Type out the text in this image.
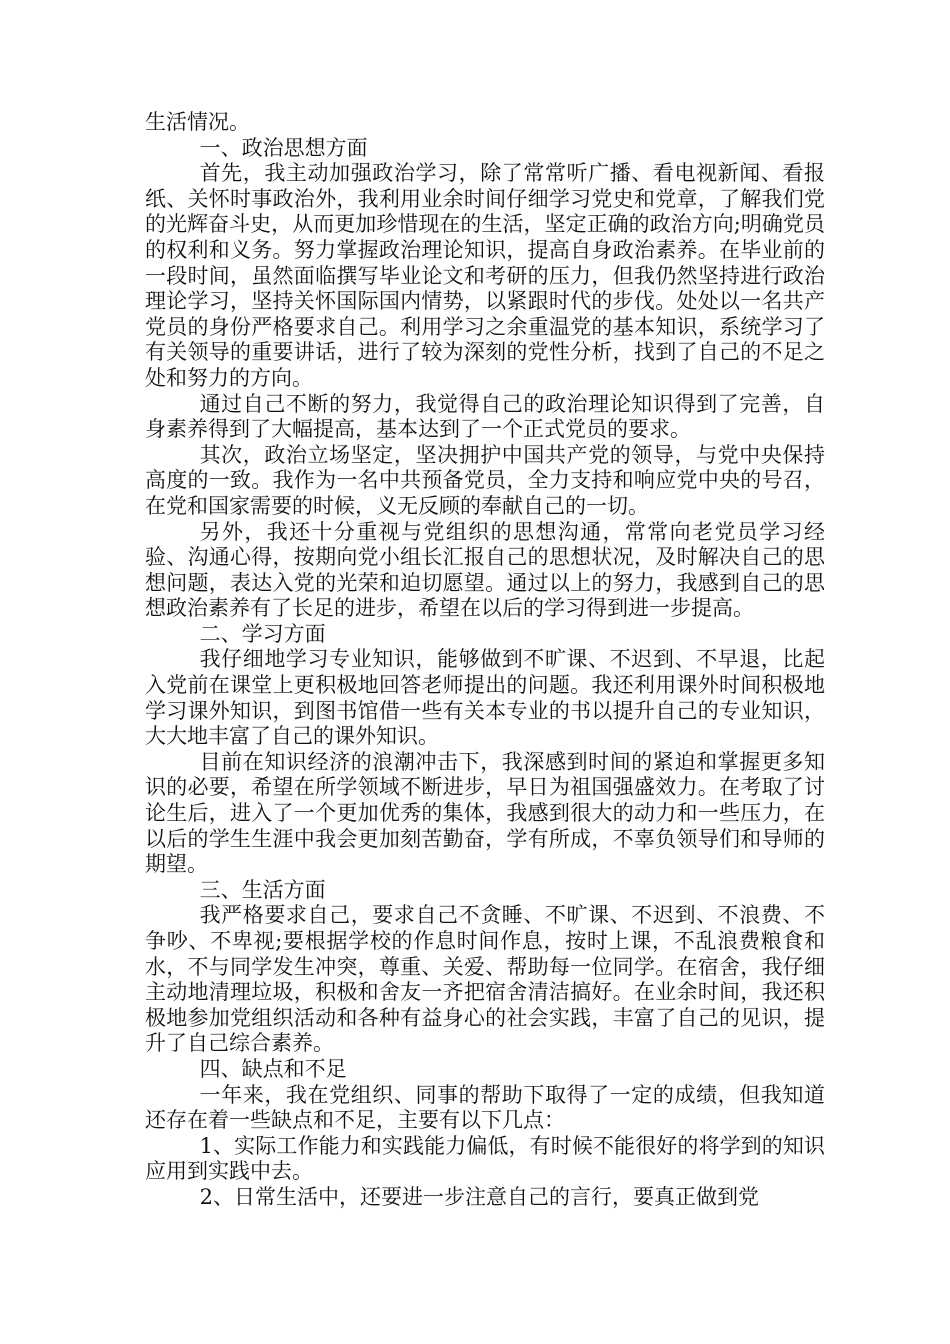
生活情况。

一、政治思想方面

首先，我主动加强政治学习，除了常常听广播、看电视新闻、看报纸、关怀时事政治外，我利用业余时间仔细学习党史和党章，了解我们党的光辉奋斗史，从而更加珍惜现在的生活，坚定正确的政治方向;明确党员的权利和义务。努力掌握政治理论知识，提高自身政治素养。在毕业前的一段时间，虽然面临撰写毕业论文和考研的压力，但我仍然坚持进行政治理论学习，坚持关怀国际国内情势，以紧跟时代的步伐。处处以一名共产党员的身份严格要求自己。利用学习之余重温党的基本知识，系统学习了有关领导的重要讲话，进行了较为深刻的党性分析，找到了自己的不足之处和努力的方向。

通过自己不断的努力，我觉得自己的政治理论知识得到了完善，自身素养得到了大幅提高，基本达到了一个正式党员的要求。

其次，政治立场坚定，坚决拥护中国共产党的领导，与党中央保持高度的一致。我作为一名中共预备党员，全力支持和响应党中央的号召，在党和国家需要的时候，义无反顾的奉献自己的一切。

另外，我还十分重视与党组织的思想沟通，常常向老党员学习经验、沟通心得，按期向党小组长汇报自己的思想状况，及时解决自己的思想问题，表达入党的光荣和迫切愿望。通过以上的努力，我感到自己的思想政治素养有了长足的进步，希望在以后的学习得到进一步提高。

二、学习方面

我仔细地学习专业知识，能够做到不旷课、不迟到、不早退，比起入党前在课堂上更积极地回答老师提出的问题。我还利用课外时间积极地学习课外知识，到图书馆借一些有关本专业的书以提升自己的专业知识，大大地丰富了自己的课外知识。

目前在知识经济的浪潮冲击下，我深感到时间的紧迫和掌握更多知识的必要，希望在所学领域不断进步，早日为祖国强盛效力。在考取了讨论生后，进入了一个更加优秀的集体，我感到很大的动力和一些压力，在以后的学生生涯中我会更加刻苦勤奋，学有所成，不辜负领导们和导师的期望。

三、生活方面

我严格要求自己，要求自己不贪睡、不旷课、不迟到、不浪费、不争吵、不卑视;要根据学校的作息时间作息，按时上课，不乱浪费粮食和水，不与同学发生冲突，尊重、关爱、帮助每一位同学。在宿舍，我仔细主动地清理垃圾，积极和舍友一齐把宿舍清洁搞好。在业余时间，我还积极地参加党组织活动和各种有益身心的社会实践，丰富了自己的见识，提升了自己综合素养。

四、缺点和不足

一年来，我在党组织、同事的帮助下取得了一定的成绩，但我知道还存在着一些缺点和不足，主要有以下几点：

1、实际工作能力和实践能力偏低，有时候不能很好的将学到的知识应用到实践中去。

2、日常生活中，还要进一步注意自己的言行，要真正做到党
